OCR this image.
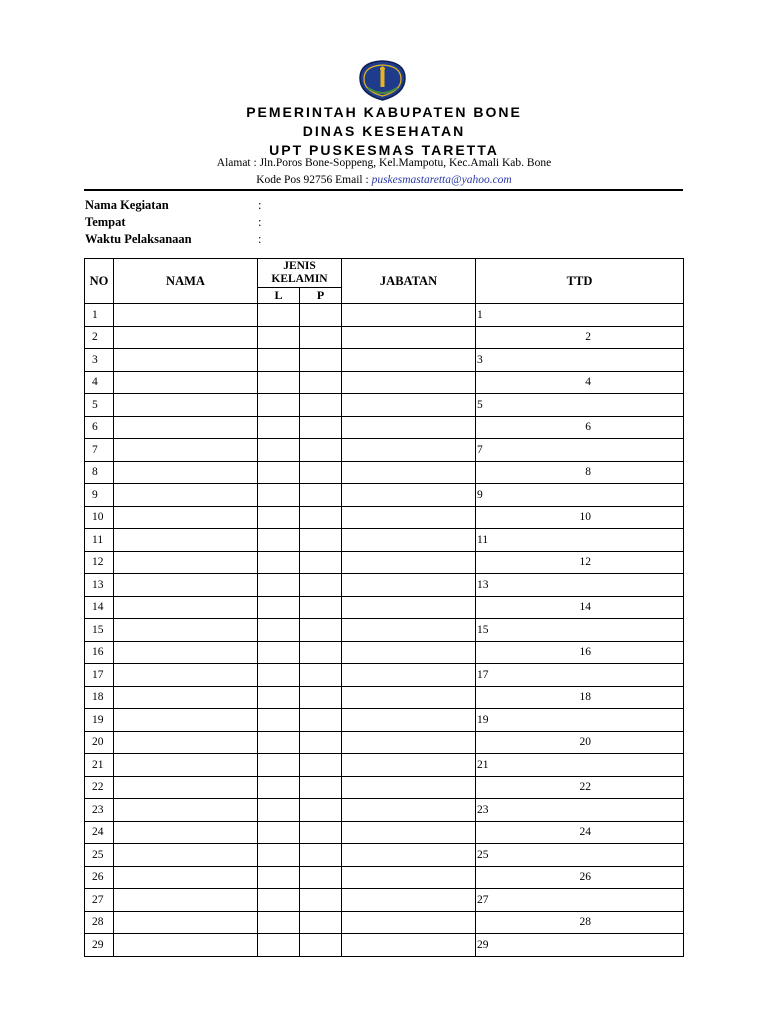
PEMERINTAH KABUPATEN BONE
DINAS KESEHATAN
UPT PUSKESMAS TARETTA
Alamat : Jln.Poros Bone-Soppeng, Kel.Mampotu, Kec.Amali Kab. Bone
Kode Pos 92756 Email : puskesmastaretta@yahoo.com
Nama Kegiatan	:
Tempat	:
Waktu Pelaksanaan	:
NO	NAMA	JENIS KELAMIN		JABATAN	TTD
		L	P		
1					1
2					2
3					3
4					4
5					5
6					6
7					7
8					8
9					9
10					10
11					11
12					12
13					13
14					14
15					15
16					16
17					17
18					18
19					19
20					20
21					21
22					22
23					23
24					24
25					25
26					26
27					27
28					28
29					29
